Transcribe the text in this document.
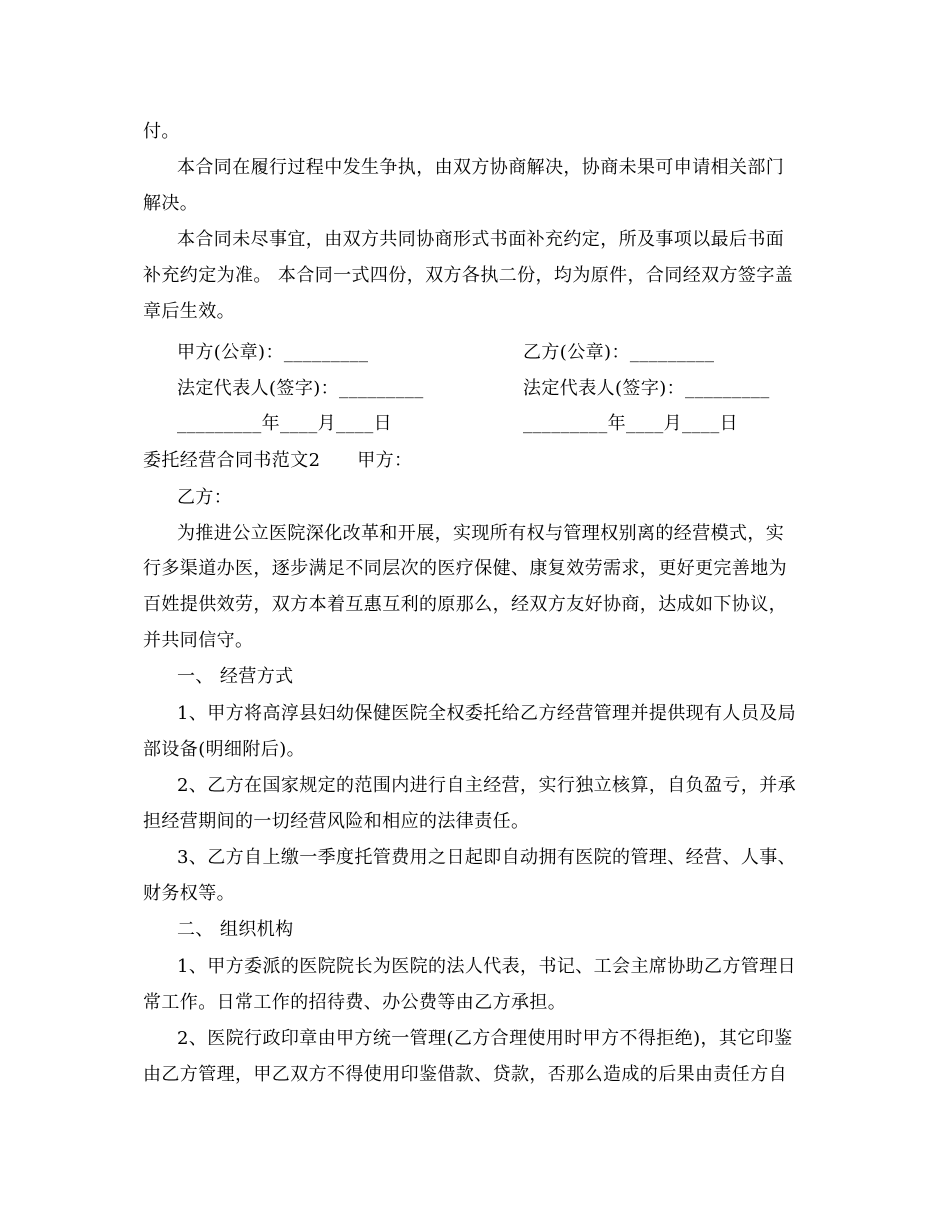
付。
本合同在履行过程中发生争执，由双方协商解决，协商未果可申请相关部门
解决。
本合同未尽事宜，由双方共同协商形式书面补充约定，所及事项以最后书面
补充约定为准。 本合同一式四份，双方各执二份，均为原件，合同经双方签字盖
章后生效。
甲方(公章)：_________	乙方(公章)：_________
法定代表人(签字)：_________	法定代表人(签字)：_________
_________年____月____日	_________年____月____日
委托经营合同书范文2　　甲方：
乙方：
为推进公立医院深化改革和开展，实现所有权与管理权别离的经营模式，实
行多渠道办医，逐步满足不同层次的医疗保健、康复效劳需求，更好更完善地为
百姓提供效劳，双方本着互惠互利的原那么，经双方友好协商，达成如下协议，
并共同信守。
一、 经营方式
1、甲方将高淳县妇幼保健医院全权委托给乙方经营管理并提供现有人员及局
部设备(明细附后)。
2、乙方在国家规定的范围内进行自主经营，实行独立核算，自负盈亏，并承
担经营期间的一切经营风险和相应的法律责任。
3、乙方自上缴一季度托管费用之日起即自动拥有医院的管理、经营、人事、
财务权等。
二、 组织机构
1、甲方委派的医院院长为医院的法人代表，书记、工会主席协助乙方管理日
常工作。日常工作的招待费、办公费等由乙方承担。
2、医院行政印章由甲方统一管理(乙方合理使用时甲方不得拒绝)，其它印鉴
由乙方管理，甲乙双方不得使用印鉴借款、贷款，否那么造成的后果由责任方自
